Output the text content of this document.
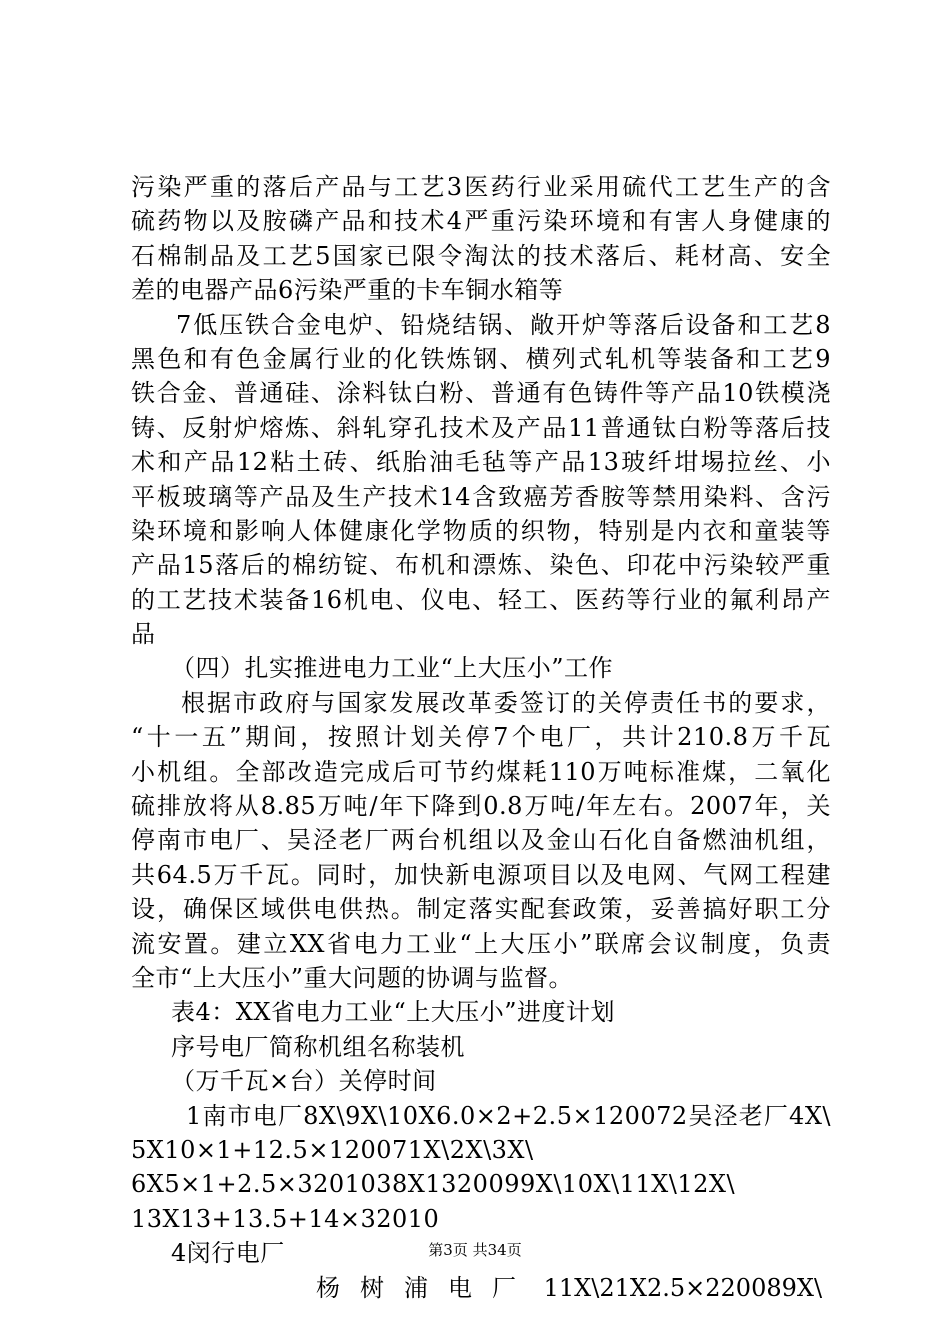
污染严重的落后产品与工艺3医药行业采用硫代工艺生产的含
硫药物以及胺磷产品和技术4严重污染环境和有害人身健康的
石棉制品及工艺5国家已限令淘汰的技术落后、耗材高、安全
差的电器产品6污染严重的卡车铜水箱等
7低压铁合金电炉、铅烧结锅、敞开炉等落后设备和工艺8
黑色和有色金属行业的化铁炼钢、横列式轧机等装备和工艺9
铁合金、普通硅、涂料钛白粉、普通有色铸件等产品10铁模浇
铸、反射炉熔炼、斜轧穿孔技术及产品11普通钛白粉等落后技
术和产品12粘土砖、纸胎油毛毡等产品13玻纤坩埸拉丝、小
平板玻璃等产品及生产技术14含致癌芳香胺等禁用染料、含污
染环境和影响人体健康化学物质的织物，特别是内衣和童装等
产品15落后的棉纺锭、布机和漂炼、染色、印花中污染较严重
的工艺技术装备16机电、仪电、轻工、医药等行业的氟利昂产
品
（四）扎实推进电力工业“上大压小”工作
根据市政府与国家发展改革委签订的关停责任书的要求，
“十一五”期间，按照计划关停7个电厂，共计210.8万千瓦
小机组。全部改造完成后可节约煤耗110万吨标准煤，二氧化
硫排放将从8.85万吨/年下降到0.8万吨/年左右。2007年，关
停南市电厂、吴泾老厂两台机组以及金山石化自备燃油机组，
共64.5万千瓦。同时，加快新电源项目以及电网、气网工程建
设，确保区域供电供热。制定落实配套政策，妥善搞好职工分
流安置。建立XX省电力工业“上大压小”联席会议制度，负责
全市“上大压小”重大问题的协调与监督。
表4：XX省电力工业“上大压小”进度计划
序号电厂简称机组名称装机
（万千瓦×台）关停时间
1南市电厂8X\9X\10X6.0×2+2.5×120072吴泾老厂4X\
5X10×1+12.5×120071X\2X\3X\
6X5×1+2.5×3201038X1320099X\10X\11X\12X\
13X13+13.5+14×32010
4闵行电厂
杨树浦电厂 11X\21X2.5×220089X\
第3页 共34页
